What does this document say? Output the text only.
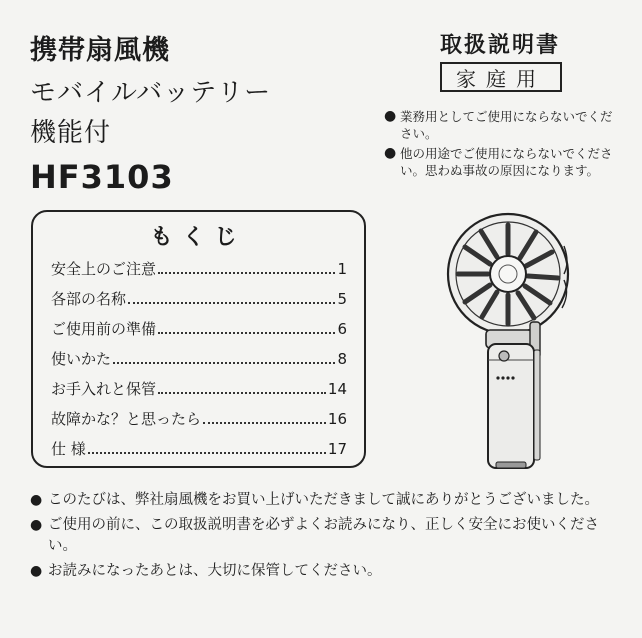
携帯扇風機
モバイルバッテリー
機能付
HF3103
取扱説明書
家庭用
● 業務用としてご使用にならないでください。
● 他の用途でご使用にならないでください。思わぬ事故の原因になります。
もくじ
安全上のご注意	1
各部の名称	5
ご使用前の準備	6
使いかた	8
お手入れと保管	14
故障かな？と思ったら	16
仕 様	17
● このたびは、弊社扇風機をお買い上げいただきまして誠にありがとうございました。
● ご使用の前に、この取扱説明書を必ずよくお読みになり、正しく安全にお使いください。
● お読みになったあとは、大切に保管してください。
